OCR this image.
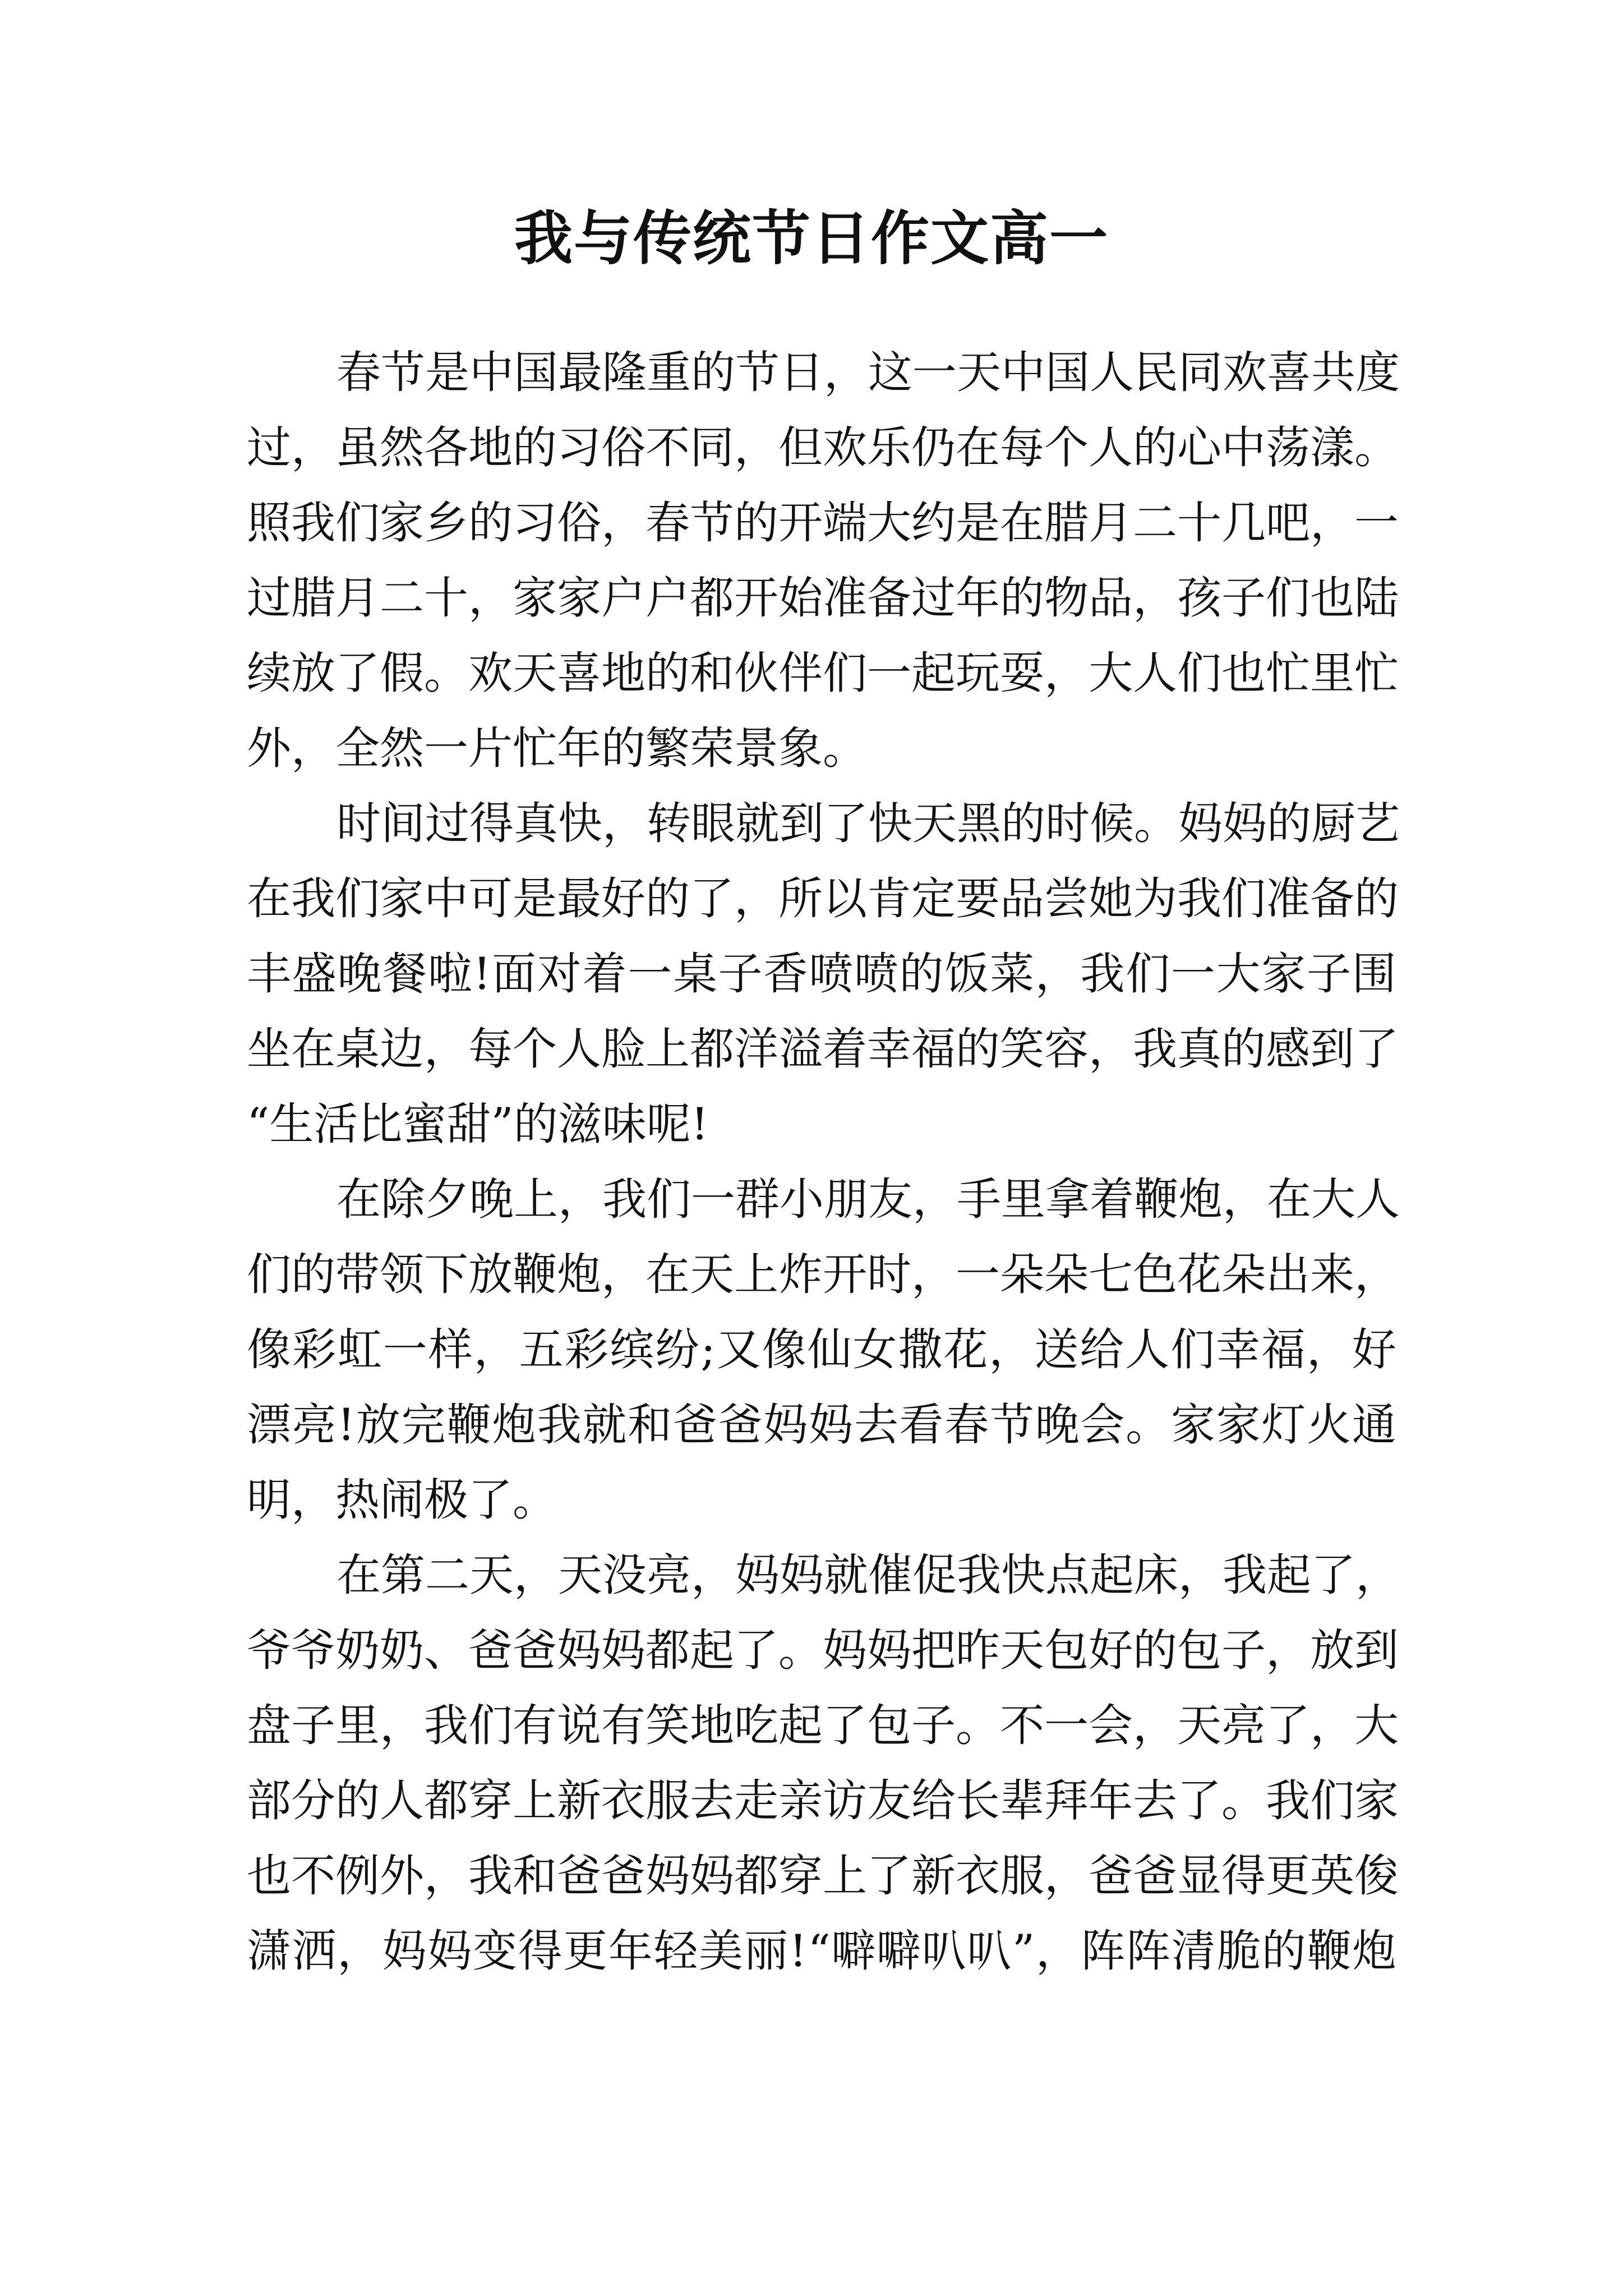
我与传统节日作文高一
春 节 是 中 国 最 隆 重 的 节 日 ， 这 一 天 中 国 人 民 同 欢 喜 共 度
过 ， 虽 然 各 地 的 习 俗 不 同 ， 但 欢 乐 仍 在 每 个 人 的 心 中 荡 漾 。
照 我 们 家 乡 的 习 俗 ， 春 节 的 开 端 大 约 是 在 腊 月 二 十 几 吧 ， 一
过 腊 月 二 十 ， 家 家 户 户 都 开 始 准 备 过 年 的 物 品 ， 孩 子 们 也 陆
续 放 了 假 。 欢 天 喜 地 的 和 伙 伴 们 一 起 玩 耍 ， 大 人 们 也 忙 里 忙
外，全然一片忙年的繁荣景象。
时 间 过 得 真 快 ， 转 眼 就 到 了 快 天 黑 的 时 候 。 妈 妈 的 厨 艺
在 我 们 家 中 可 是 最 好 的 了 ， 所 以 肯 定 要 品 尝 她 为 我 们 准 备 的
丰 盛 晚 餐 啦 ! 面 对 着 一 桌 子 香 喷 喷 的 饭 菜 ， 我 们 一 大 家 子 围
坐 在 桌 边 ， 每 个 人 脸 上 都 洋 溢 着 幸 福 的 笑 容 ， 我 真 的 感 到 了
“生活比蜜甜”的滋味呢!
在 除 夕 晚 上 ， 我 们 一 群 小 朋 友 ， 手 里 拿 着 鞭 炮 ， 在 大 人
们 的 带 领 下 放 鞭 炮 ， 在 天 上 炸 开 时 ， 一 朵 朵 七 色 花 朵 出 来 ，
像 彩 虹 一 样 ， 五 彩 缤 纷 ; 又 像 仙 女 撒 花 ， 送 给 人 们 幸 福 ， 好
漂 亮 ! 放 完 鞭 炮 我 就 和 爸 爸 妈 妈 去 看 春 节 晚 会 。 家 家 灯 火 通
明，热闹极了。
在 第 二 天 ， 天 没 亮 ， 妈 妈 就 催 促 我 快 点 起 床 ， 我 起 了 ，
爷 爷 奶 奶 、 爸 爸 妈 妈 都 起 了 。 妈 妈 把 昨 天 包 好 的 包 子 ， 放 到
盘 子 里 ， 我 们 有 说 有 笑 地 吃 起 了 包 子 。 不 一 会 ， 天 亮 了 ， 大
部 分 的 人 都 穿 上 新 衣 服 去 走 亲 访 友 给 长 辈 拜 年 去 了 。 我 们 家
也 不 例 外 ， 我 和 爸 爸 妈 妈 都 穿 上 了 新 衣 服 ， 爸 爸 显 得 更 英 俊
潇 洒 ， 妈 妈 变 得 更 年 轻 美 丽 ! “ 噼 噼 叭 叭 ” ， 阵 阵 清 脆 的 鞭 炮
